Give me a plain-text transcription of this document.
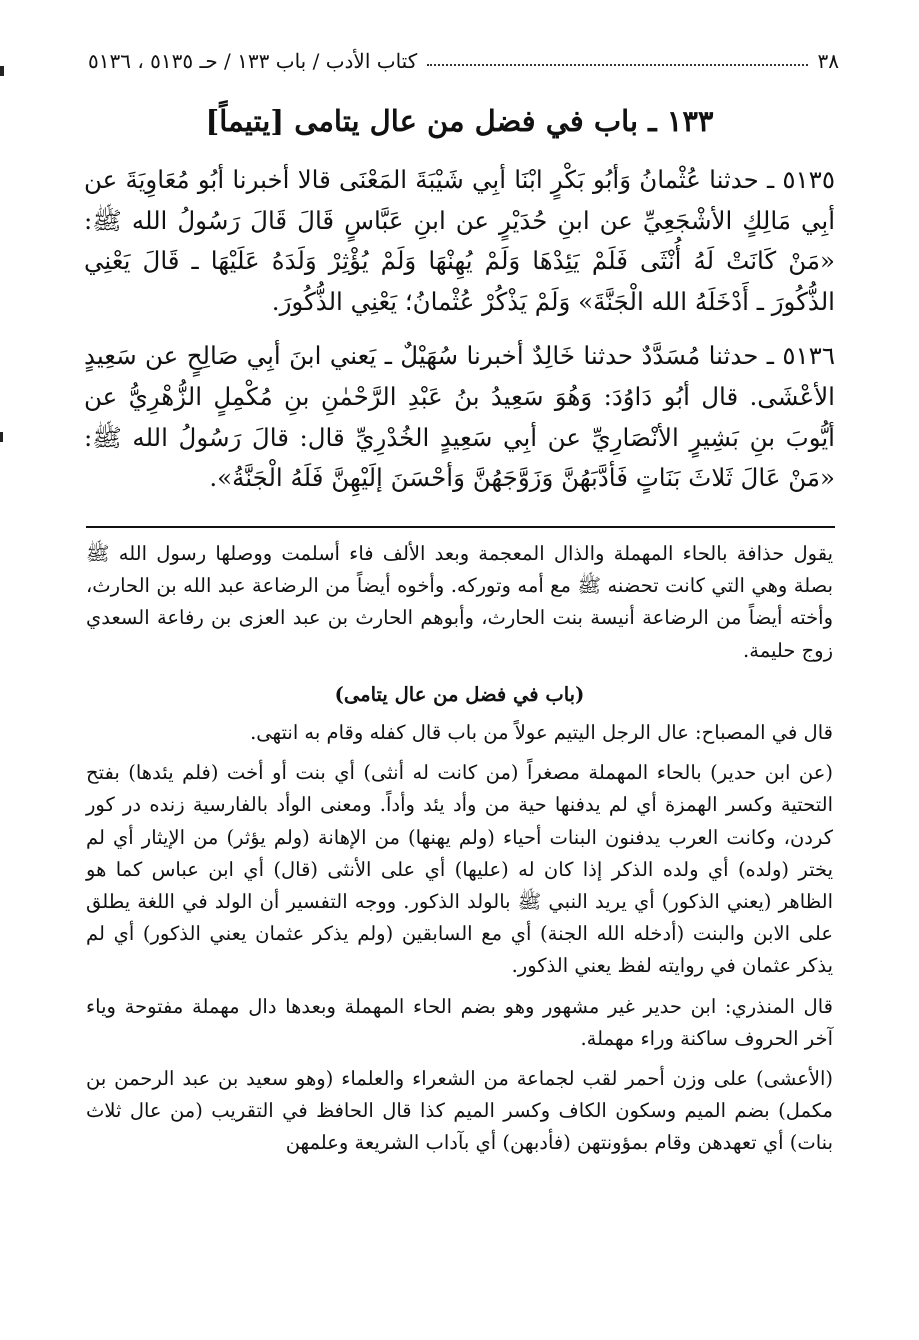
٣٨
كتاب الأدب / باب ١٣٣ / حـ ٥١٣٥ ، ٥١٣٦
١٣٣ ـ باب في فضل من عال يتامى [يتيماً]

٥١٣٥ ـ حدثنا عُثْمانُ وَأبُو بَكْرٍ ابْنَا أبِي شَيْبَةَ المَعْنَى قالا أخبرنا أبُو مُعَاوِيَةَ عن أبِي مَالِكٍ الأشْجَعِيِّ عن ابنِ حُدَيْرٍ عن ابنِ عَبَّاسٍ قَالَ قَالَ رَسُولُ الله ﷺ: «مَنْ كَانَتْ لَهُ أُنْثَى فَلَمْ يَئِدْهَا وَلَمْ يُهِنْهَا وَلَمْ يُؤْثِرْ وَلَدَهُ عَلَيْهَا ـ قَالَ يَعْنِي الذُّكُورَ ـ أَدْخَلَهُ الله الْجَنَّةَ» وَلَمْ يَذْكُرْ عُثْمانُ؛ يَعْنِي الذُّكُورَ.

٥١٣٦ ـ حدثنا مُسَدَّدٌ حدثنا خَالِدٌ أخبرنا سُهَيْلٌ ـ يَعني ابنَ أبِي صَالِحٍ عن سَعِيدٍ الأعْشَى. قال أبُو دَاوُدَ: وَهُوَ سَعِيدُ بنُ عَبْدِ الرَّحْمٰنِ بنِ مُكْمِلٍ الزُّهْرِيُّ عن أيُّوبَ بنِ بَشِيرٍ الأنْصَارِيِّ عن أبِي سَعِيدٍ الخُدْرِيِّ قال: قالَ رَسُولُ الله ﷺ: «مَنْ عَالَ ثَلاثَ بَنَاتٍ فَأدَّبَهُنَّ وَزَوَّجَهُنَّ وَأحْسَنَ إلَيْهِنَّ فَلَهُ الْجَنَّةُ».

يقول حذافة بالحاء المهملة والذال المعجمة وبعد الألف فاء أسلمت ووصلها رسول الله ﷺ بصلة وهي التي كانت تحضنه ﷺ مع أمه وتوركه. وأخوه أيضاً من الرضاعة عبد الله بن الحارث، وأخته أيضاً من الرضاعة أنيسة بنت الحارث، وأبوهم الحارث بن عبد العزى بن رفاعة السعدي زوج حليمة.

(باب في فضل من عال يتامى)

قال في المصباح: عال الرجل اليتيم عولاً من باب قال كفله وقام به انتهى.

(عن ابن حدير) بالحاء المهملة مصغراً (من كانت له أنثى) أي بنت أو أخت (فلم يئدها) بفتح التحتية وكسر الهمزة أي لم يدفنها حية من وأد يئد وأداً. ومعنى الوأد بالفارسية زنده در كور كردن، وكانت العرب يدفنون البنات أحياء (ولم يهنها) من الإهانة (ولم يؤثر) من الإيثار أي لم يختر (ولده) أي ولده الذكر إذا كان له (عليها) أي على الأنثى (قال) أي ابن عباس كما هو الظاهر (يعني الذكور) أي يريد النبي ﷺ بالولد الذكور. ووجه التفسير أن الولد في اللغة يطلق على الابن والبنت (أدخله الله الجنة) أي مع السابقين (ولم يذكر عثمان يعني الذكور) أي لم يذكر عثمان في روايته لفظ يعني الذكور.

قال المنذري: ابن حدير غير مشهور وهو بضم الحاء المهملة وبعدها دال مهملة مفتوحة وياء آخر الحروف ساكنة وراء مهملة.

(الأعشى) على وزن أحمر لقب لجماعة من الشعراء والعلماء (وهو سعيد بن عبد الرحمن بن مكمل) بضم الميم وسكون الكاف وكسر الميم كذا قال الحافظ في التقريب (من عال ثلاث بنات) أي تعهدهن وقام بمؤونتهن (فأدبهن) أي بآداب الشريعة وعلمهن
